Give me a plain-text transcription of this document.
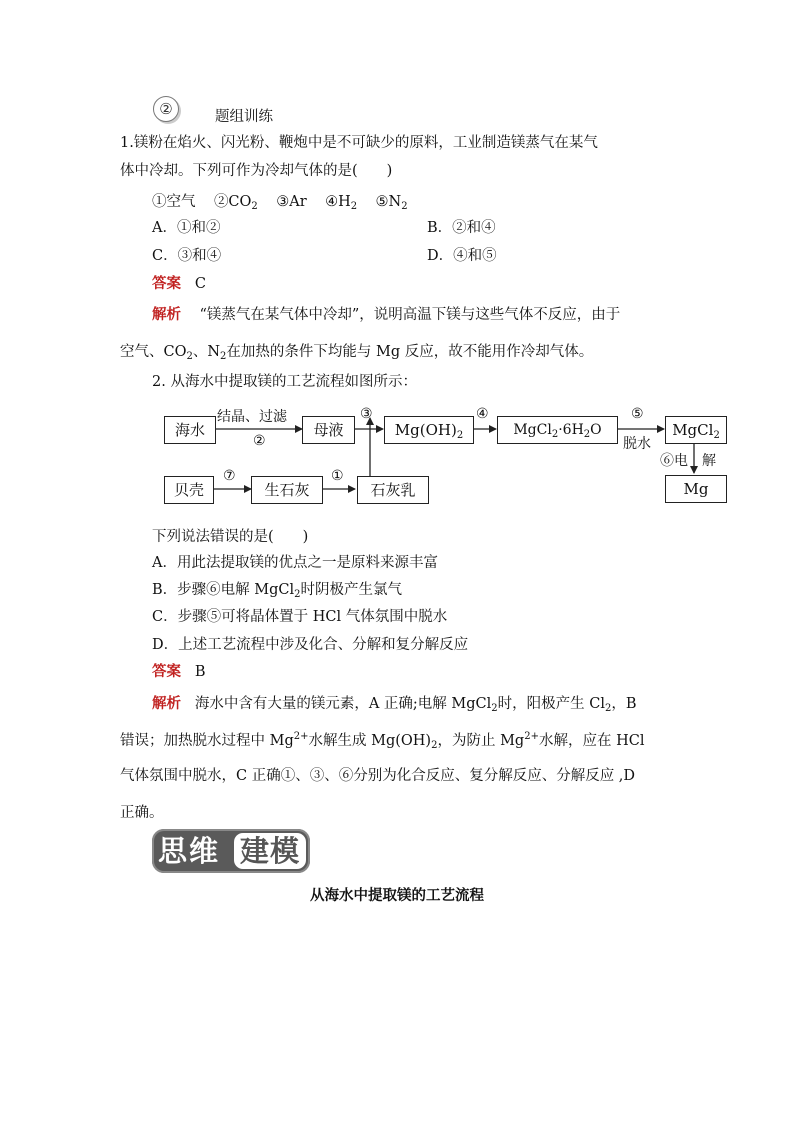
②	题组训练
1.镁粉在焰火、闪光粉、鞭炮中是不可缺少的原料，工业制造镁蒸气在某气
体中冷却。下列可作为冷却气体的是(　　)
①空气 $②CO_2$ ③Ar $④H_2$ $⑤N_2$
A．①和②	B．②和④
C．③和④	D．④和⑤
答案 C
解析 “镁蒸气在某气体中冷却”，说明高温下镁与这些气体不反应，由于
空气、$CO_2$、$N_2$在加热的条件下均能与 Mg 反应，故不能用作冷却气体。
2. 从海水中提取镁的工艺流程如图所示：
海水	母液	$Mg(OH)_2$	$MgCl_2\cdot 6H_2O$	MgCl$_2$
Mg
贝壳	生石灰	石灰乳
结晶、过滤
②
③	④	⑤
脱水
⑥电 解
⑦	①
下列说法错误的是(　　)
A．用此法提取镁的优点之一是原料来源丰富
B．步骤⑥电解 MgCl$_2$时阴极产生氯气
C．步骤⑤可将晶体置于 HCl 气体氛围中脱水
D．上述工艺流程中涉及化合、分解和复分解反应
答案 B
解析 海水中含有大量的镁元素，A 正确;电解 MgCl$_2$时，阳极产生 $Cl_2$，B
错误；加热脱水过程中 $Mg^{2+}$水解生成 $Mg(OH)_2$，为防止 $Mg^{2+}$水解，应在 HCl
气体氛围中脱水，C 正确①、③、⑥分别为化合反应、复分解反应、分解反应 ,D
正确。
思维 建模
从海水中提取镁的工艺流程
